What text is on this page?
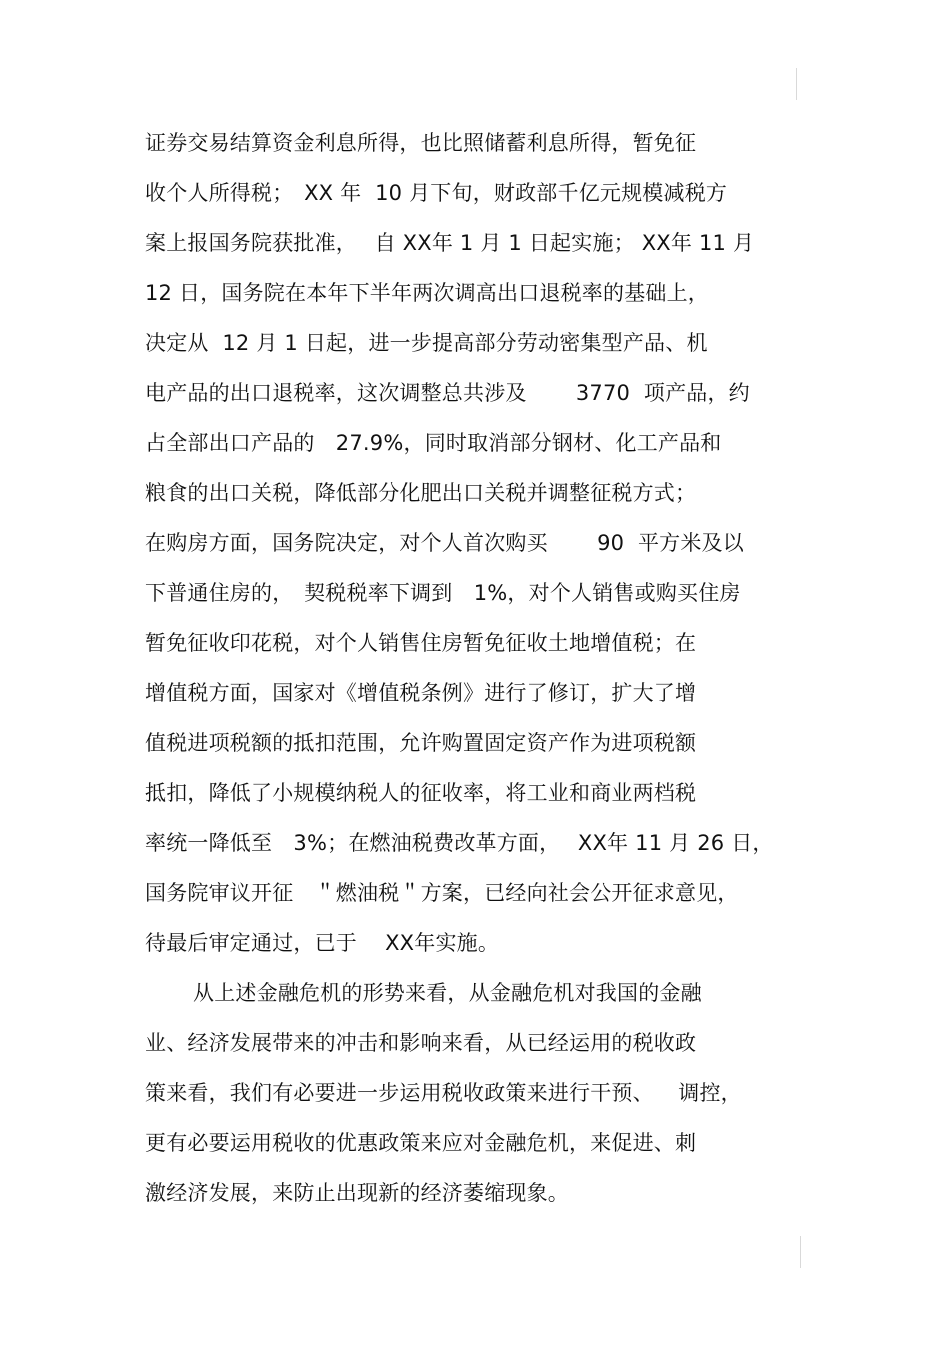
证券交易结算资金利息所得，也比照储蓄利息所得，暂免征
收个人所得税；　XX 年  10 月下旬，财政部千亿元规模减税方
案上报国务院获批准，　 自 XX年 1 月 1 日起实施； XX年 11 月
12 日，国务院在本年下半年两次调高出口退税率的基础上，
决定从  12 月 1 日起，进一步提高部分劳动密集型产品、机
电产品的出口退税率，这次调整总共涉及　　 3770  项产品，约
占全部出口产品的　27.9%，同时取消部分钢材、化工产品和
粮食的出口关税，降低部分化肥出口关税并调整征税方式；
在购房方面，国务院决定，对个人首次购买　　 90  平方米及以
下普通住房的，　契税税率下调到　1%，对个人销售或购买住房
暂免征收印花税，对个人销售住房暂免征收土地增值税；在
增值税方面，国家对《增值税条例》进行了修订，扩大了增
值税进项税额的抵扣范围，允许购置固定资产作为进项税额
抵扣，降低了小规模纳税人的征收率，将工业和商业两档税
率统一降低至　3%；在燃油税费改革方面，　 XX年 11 月 26 日，
国务院审议开征　＂燃油税＂方案，已经向社会公开征求意见，
待最后审定通过，已于　 XX年实施。
从上述金融危机的形势来看，从金融危机对我国的金融
业、经济发展带来的冲击和影响来看，从已经运用的税收政
策来看，我们有必要进一步运用税收政策来进行干预、　  调控，
更有必要运用税收的优惠政策来应对金融危机，来促进、刺
激经济发展，来防止出现新的经济萎缩现象。
